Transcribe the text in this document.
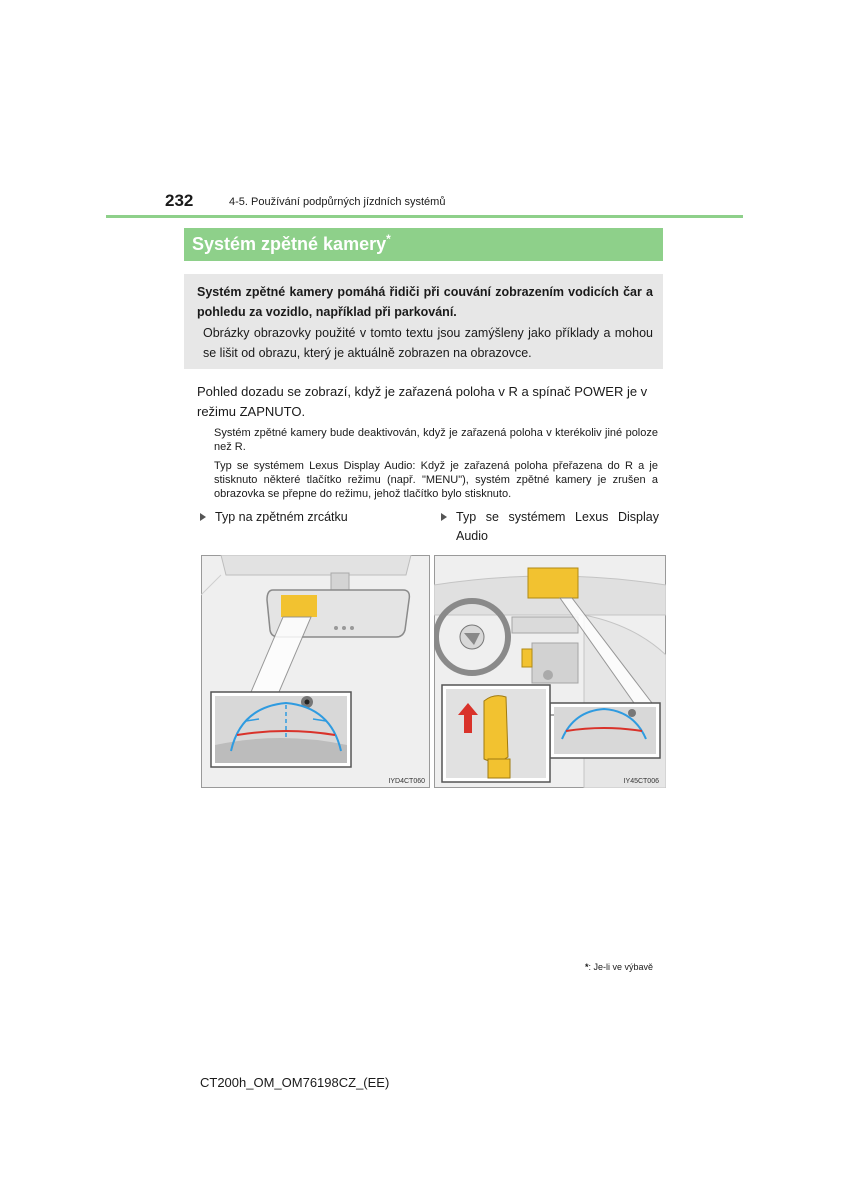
232	4-5. Používání podpůrných jízdních systémů
Systém zpětné kamery*
Systém zpětné kamery pomáhá řidiči při couvání zobrazením vodicích čar a pohledu za vozidlo, například při parkování.
Obrázky obrazovky použité v tomto textu jsou zamýšleny jako příklady a mohou se lišit od obrazu, který je aktuálně zobrazen na obrazovce.
Pohled dozadu se zobrazí, když je zařazená poloha v R a spínač POWER je v režimu ZAPNUTO.
Systém zpětné kamery bude deaktivován, když je zařazená poloha v kterékoliv jiné poloze než R.
Typ se systémem Lexus Display Audio: Když je zařazená poloha přeřazena do R a je stisknuto některé tlačítko režimu (např. "MENU"), systém zpětné kamery je zrušen a obrazovka se přepne do režimu, jehož tlačítko bylo stisknuto.
Typ na zpětném zrcátku	Typ se systémem Lexus Display Audio
IYD4CT060	IY45CT006
*: Je-li ve výbavě
CT200h_OM_OM76198CZ_(EE)
